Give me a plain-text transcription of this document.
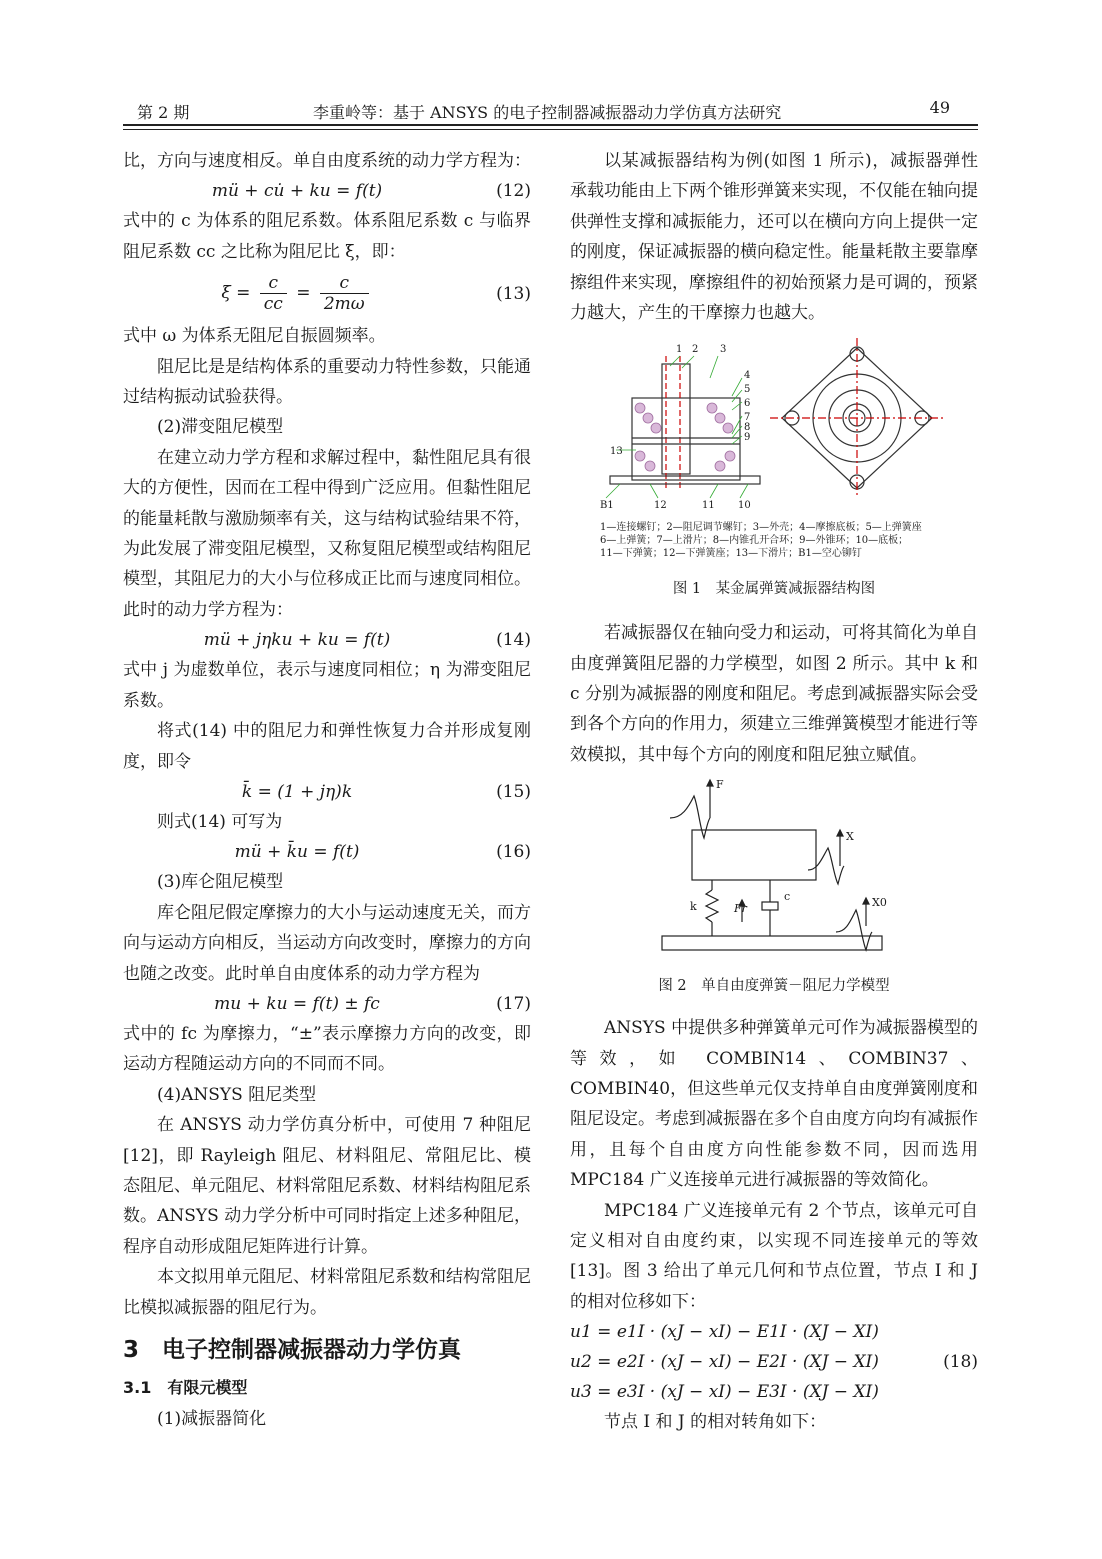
第 2 期	李重岭等：基于 ANSYS 的电子控制器减振器动力学仿真方法研究	49

比，方向与速度相反。单自由度系统的动力学方程为：

mü + cu̇ + ku = f(t)	(12)

式中的 c 为体系的阻尼系数。体系阻尼系数 c 与临界阻尼系数 cc 之比称为阻尼比 ξ，即：

$\xi = \frac{c}{cc} = \frac{c}{2m\omega}$	(13)

式中 ω 为体系无阻尼自振圆频率。

阻尼比是是结构体系的重要动力特性参数，只能通过结构振动试验获得。

(2)滞变阻尼模型

在建立动力学方程和求解过程中，黏性阻尼具有很大的方便性，因而在工程中得到广泛应用。但黏性阻尼的能量耗散与激励频率有关，这与结构试验结果不符，为此发展了滞变阻尼模型，又称复阻尼模型或结构阻尼模型，其阻尼力的大小与位移成正比而与速度同相位。此时的动力学方程为：

mü + jηku + ku = f(t)	(14)

式中 j 为虚数单位，表示与速度同相位；η 为滞变阻尼系数。

将式(14) 中的阻尼力和弹性恢复力合并形成复刚度，即令

k̄ = (1 + jη)k	(15)

则式(14) 可写为

mü + k̄u = f(t)	(16)

(3)库仑阻尼模型

库仑阻尼假定摩擦力的大小与运动速度无关，而方向与运动方向相反，当运动方向改变时，摩擦力的方向也随之改变。此时单自由度体系的动力学方程为

mu + ku = f(t) ± fc	(17)

式中的 fc 为摩擦力，“±”表示摩擦力方向的改变，即运动方程随运动方向的不同而不同。

(4)ANSYS 阻尼类型

在 ANSYS 动力学仿真分析中，可使用 7 种阻尼[12]，即 Rayleigh 阻尼、材料阻尼、常阻尼比、模态阻尼、单元阻尼、材料常阻尼系数、材料结构阻尼系数。ANSYS 动力学分析中可同时指定上述多种阻尼，程序自动形成阻尼矩阵进行计算。

本文拟用单元阻尼、材料常阻尼系数和结构常阻尼比模拟减振器的阻尼行为。

3　电子控制器减振器动力学仿真
3.1　有限元模型

(1)减振器简化

以某减振器结构为例(如图 1 所示)，减振器弹性承载功能由上下两个锥形弹簧来实现，不仅能在轴向提供弹性支撑和减振能力，还可以在横向方向上提供一定的刚度，保证减振器的横向稳定性。能量耗散主要靠摩擦组件来实现，摩擦组件的初始预紧力是可调的，预紧力越大，产生的干摩擦力也越大。

1 2 3
4
5
6
7
8
9
10
11
12
13
B1
1—连接螺钉；2—阻尼调节螺钉；3—外壳；4—摩擦底板；5—上弹簧座
6—上弹簧；7—上滑片；8—内锥孔开合环；9—外锥环；10—底板；
11—下弹簧；12—下弹簧座；13—下滑片；B1—空心铆钉
图 1　某金属弹簧减振器结构图

若减振器仅在轴向受力和运动，可将其简化为单自由度弹簧阻尼器的力学模型，如图 2 所示。其中 k 和 c 分别为减振器的刚度和阻尼。考虑到减振器实际会受到各个方向的作用力，须建立三维弹簧模型才能进行等效模拟，其中每个方向的刚度和阻尼独立赋值。

F
X
k	Fr
c	X0
图 2　单自由度弹簧－阻尼力学模型

ANSYS 中提供多种弹簧单元可作为减振器模型的等效，如 COMBIN14、COMBIN37、COMBIN40，但这些单元仅支持单自由度弹簧刚度和阻尼设定。考虑到减振器在多个自由度方向均有减振作用，且每个自由度方向性能参数不同，因而选用 MPC184 广义连接单元进行减振器的等效简化。

MPC184 广义连接单元有 2 个节点，该单元可自定义相对自由度约束，以实现不同连接单元的等效[13]。图 3 给出了单元几何和节点位置，节点 I 和 J 的相对位移如下：

u1 = e1I · (xJ − xI) − E1I · (XJ − XI)
u2 = e2I · (xJ − xI) − E2I · (XJ − XI)	(18)
u3 = e3I · (xJ − xI) − E3I · (XJ − XI)

节点 I 和 J 的相对转角如下：
